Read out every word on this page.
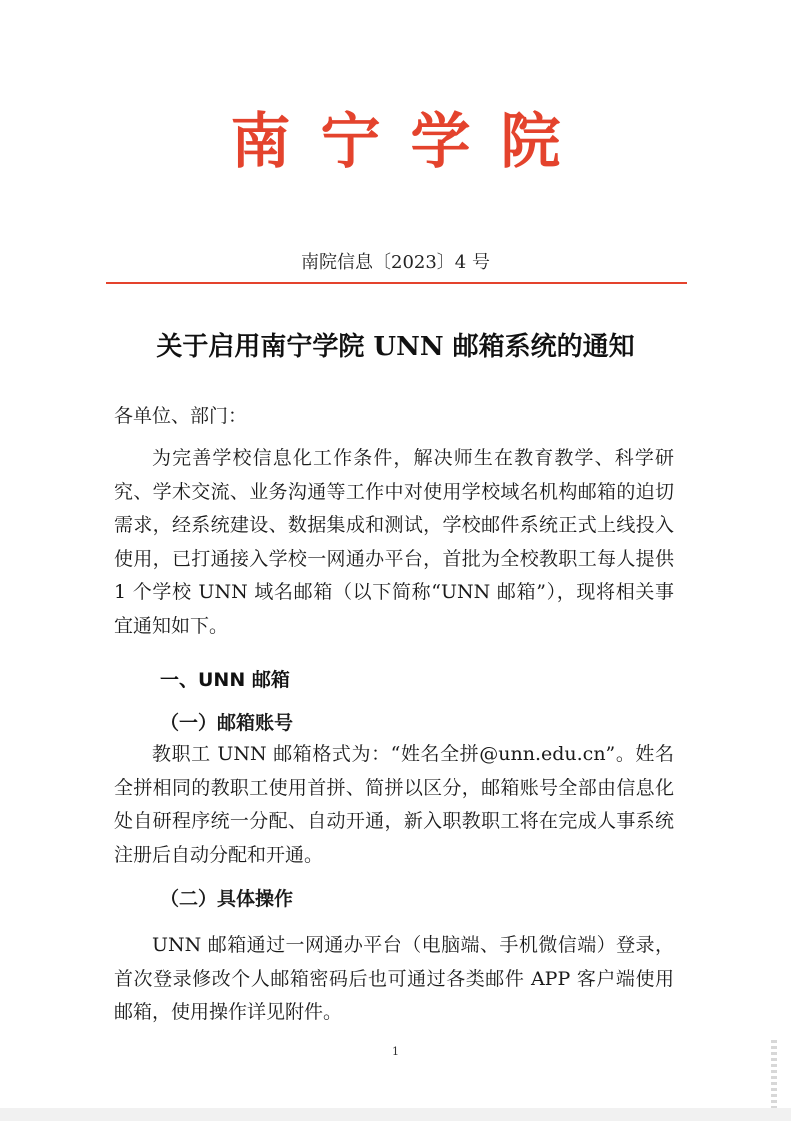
南宁学院
南院信息〔2023〕4 号
关于启用南宁学院 UNN 邮箱系统的通知
各单位、部门：
为完善学校信息化工作条件，解决师生在教育教学、科学研究、学术交流、业务沟通等工作中对使用学校域名机构邮箱的迫切需求，经系统建设、数据集成和测试，学校邮件系统正式上线投入使用，已打通接入学校一网通办平台，首批为全校教职工每人提供 1 个学校 UNN 域名邮箱（以下简称“UNN 邮箱”），现将相关事宜通知如下。
一、UNN 邮箱
（一）邮箱账号
教职工 UNN 邮箱格式为：“姓名全拼@unn.edu.cn”。姓名全拼相同的教职工使用首拼、简拼以区分，邮箱账号全部由信息化处自研程序统一分配、自动开通，新入职教职工将在完成人事系统注册后自动分配和开通。
（二）具体操作
UNN 邮箱通过一网通办平台（电脑端、手机微信端）登录，首次登录修改个人邮箱密码后也可通过各类邮件 APP 客户端使用邮箱，使用操作详见附件。
1
